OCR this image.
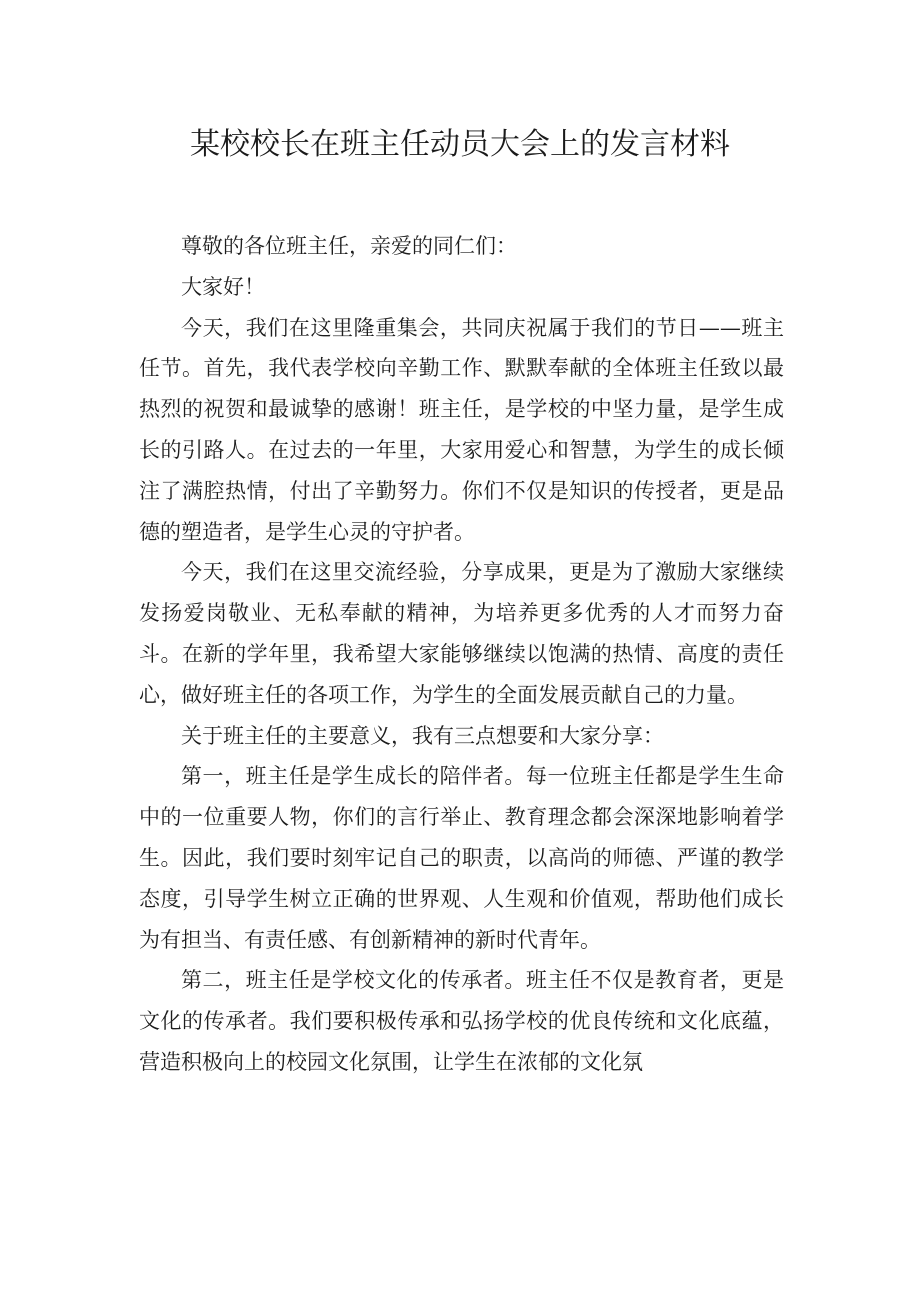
某校校长在班主任动员大会上的发言材料

尊敬的各位班主任，亲爱的同仁们：

大家好！

今天，我们在这里隆重集会，共同庆祝属于我们的节日——班主任节。首先，我代表学校向辛勤工作、默默奉献的全体班主任致以最热烈的祝贺和最诚挚的感谢！班主任，是学校的中坚力量，是学生成长的引路人。在过去的一年里，大家用爱心和智慧，为学生的成长倾注了满腔热情，付出了辛勤努力。你们不仅是知识的传授者，更是品德的塑造者，是学生心灵的守护者。

今天，我们在这里交流经验，分享成果，更是为了激励大家继续发扬爱岗敬业、无私奉献的精神，为培养更多优秀的人才而努力奋斗。在新的学年里，我希望大家能够继续以饱满的热情、高度的责任心，做好班主任的各项工作，为学生的全面发展贡献自己的力量。

关于班主任的主要意义，我有三点想要和大家分享：

第一，班主任是学生成长的陪伴者。每一位班主任都是学生生命中的一位重要人物，你们的言行举止、教育理念都会深深地影响着学生。因此，我们要时刻牢记自己的职责，以高尚的师德、严谨的教学态度，引导学生树立正确的世界观、人生观和价值观，帮助他们成长为有担当、有责任感、有创新精神的新时代青年。

第二，班主任是学校文化的传承者。班主任不仅是教育者，更是文化的传承者。我们要积极传承和弘扬学校的优良传统和文化底蕴，营造积极向上的校园文化氛围，让学生在浓郁的文化氛
